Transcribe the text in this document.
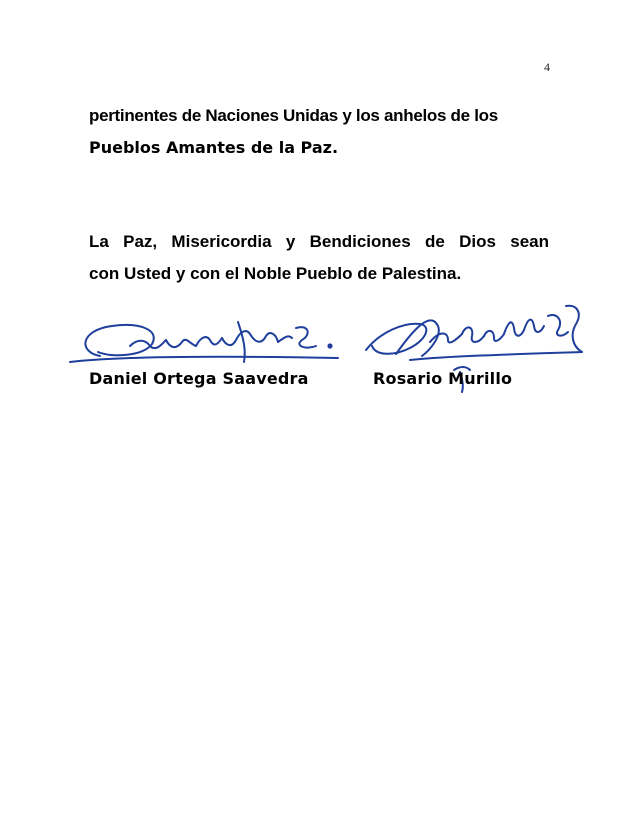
4

pertinentes de Naciones Unidas y los anhelos de los
Pueblos Amantes de la Paz.

La Paz, Misericordia y Bendiciones de Dios sean
con Usted y con el Noble Pueblo de Palestina.

Daniel Ortega Saavedra	Rosario Murillo
